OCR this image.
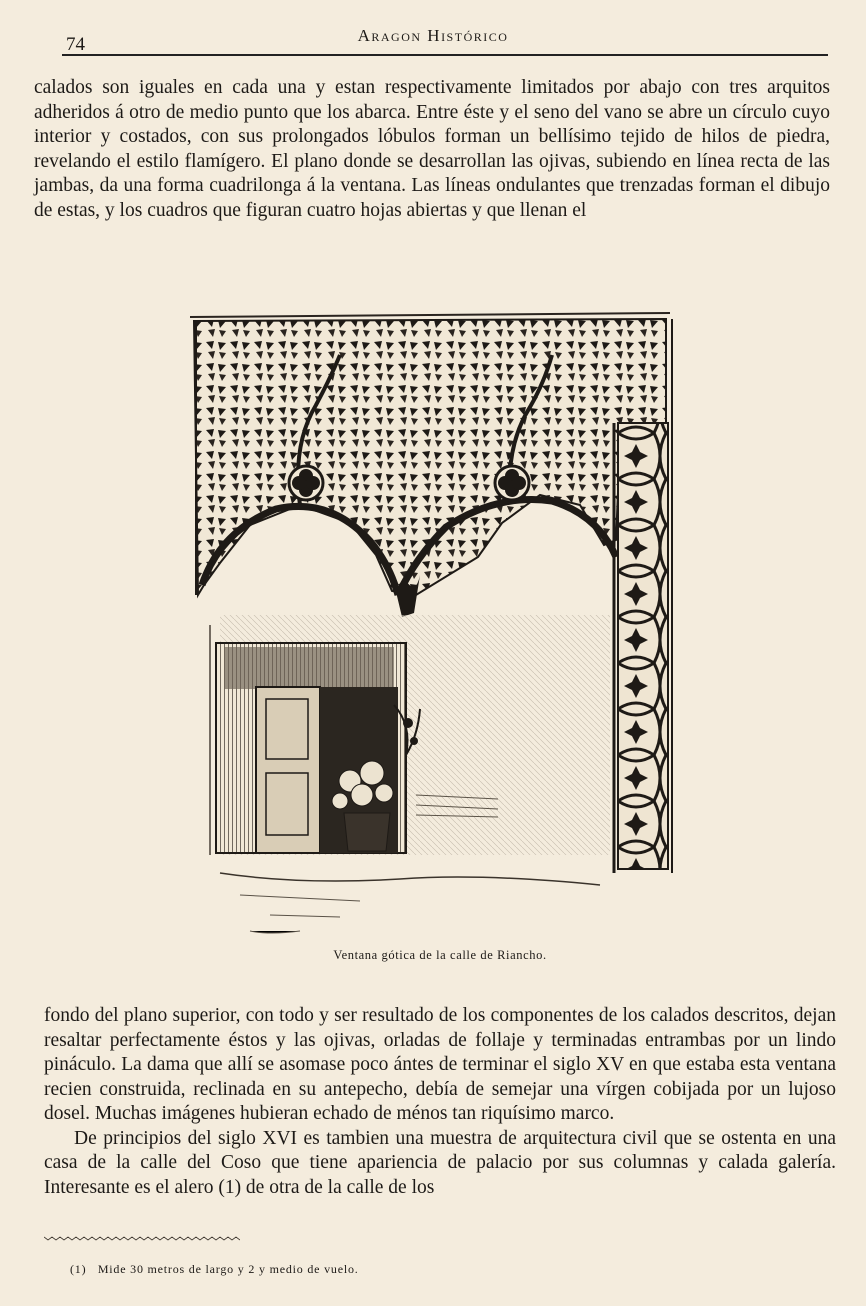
74	Aragon Histórico

calados son iguales en cada una y estan respectivamente limitados por abajo con tres arquitos adheridos á otro de medio punto que los abarca. Entre éste y el seno del vano se abre un círculo cuyo interior y costados, con sus prolongados lóbulos forman un bellísimo tejido de hilos de piedra, revelando el estilo flamígero. El plano donde se desarrollan las ojivas, subiendo en línea recta de las jambas, da una forma cuadrilonga á la ventana. Las líneas ondulantes que trenzadas forman el dibujo de estas, y los cuadros que figuran cuatro hojas abiertas y que llenan el

Ventana gótica de la calle de Riancho.

fondo del plano superior, con todo y ser resultado de los componentes de los calados descritos, dejan resaltar perfectamente éstos y las ojivas, orladas de follaje y terminadas entrambas por un lindo pináculo. La dama que allí se asomase poco ántes de terminar el siglo XV en que estaba esta ventana recien construida, reclinada en su antepecho, debía de semejar una vírgen cobijada por un lujoso dosel. Muchas imágenes hubieran echado de ménos tan riquísimo marco.
De principios del siglo XVI es tambien una muestra de arquitectura civil que se ostenta en una casa de la calle del Coso que tiene apariencia de palacio por sus columnas y calada galería. Interesante es el alero (1) de otra de la calle de los

(1) Mide 30 metros de largo y 2 y medio de vuelo.
